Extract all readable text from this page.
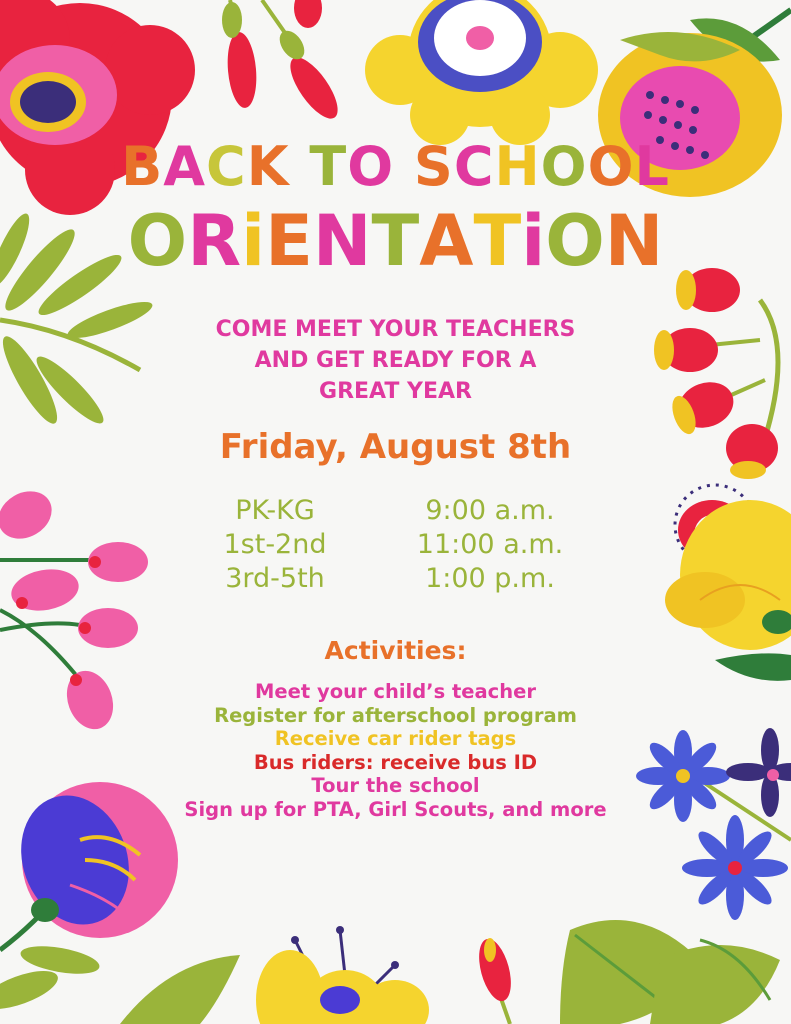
BACK TO SCHOOL
ORiENTATiON
COME MEET YOUR TEACHERS
AND GET READY FOR A
GREAT YEAR
Friday, August 8th
PK-KG	9:00 a.m.
1st-2nd	11:00 a.m.
3rd-5th	1:00 p.m.
Activities:
Meet your child’s teacher
Register for afterschool program
Receive car rider tags
Bus riders: receive bus ID
Tour the school
Sign up for PTA, Girl Scouts, and more
